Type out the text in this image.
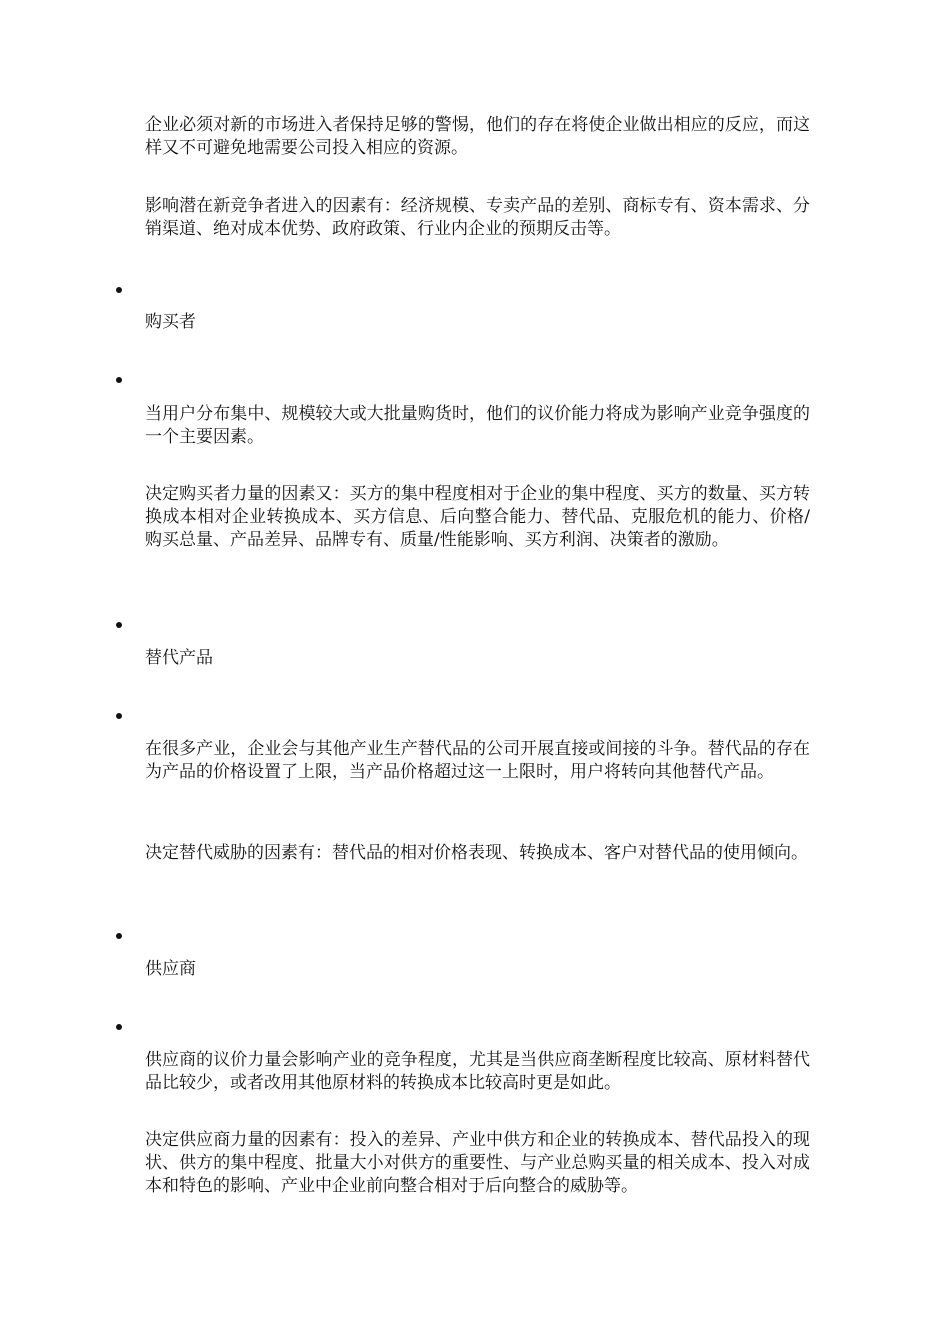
企业必须对新的市场进入者保持足够的警惕，他们的存在将使企业做出相应的反应，而这样又不可避免地需要公司投入相应的资源。

影响潜在新竞争者进入的因素有：经济规模、专卖产品的差别、商标专有、资本需求、分销渠道、绝对成本优势、政府政策、行业内企业的预期反击等。

购买者

当用户分布集中、规模较大或大批量购货时，他们的议价能力将成为影响产业竞争强度的一个主要因素。

决定购买者力量的因素又：买方的集中程度相对于企业的集中程度、买方的数量、买方转换成本相对企业转换成本、买方信息、后向整合能力、替代品、克服危机的能力、价格/购买总量、产品差异、品牌专有、质量/性能影响、买方利润、决策者的激励。

替代产品

在很多产业，企业会与其他产业生产替代品的公司开展直接或间接的斗争。替代品的存在为产品的价格设置了上限，当产品价格超过这一上限时，用户将转向其他替代产品。

决定替代威胁的因素有：替代品的相对价格表现、转换成本、客户对替代品的使用倾向。

供应商

供应商的议价力量会影响产业的竞争程度，尤其是当供应商垄断程度比较高、原材料替代品比较少，或者改用其他原材料的转换成本比较高时更是如此。

决定供应商力量的因素有：投入的差异、产业中供方和企业的转换成本、替代品投入的现状、供方的集中程度、批量大小对供方的重要性、与产业总购买量的相关成本、投入对成本和特色的影响、产业中企业前向整合相对于后向整合的威胁等。
